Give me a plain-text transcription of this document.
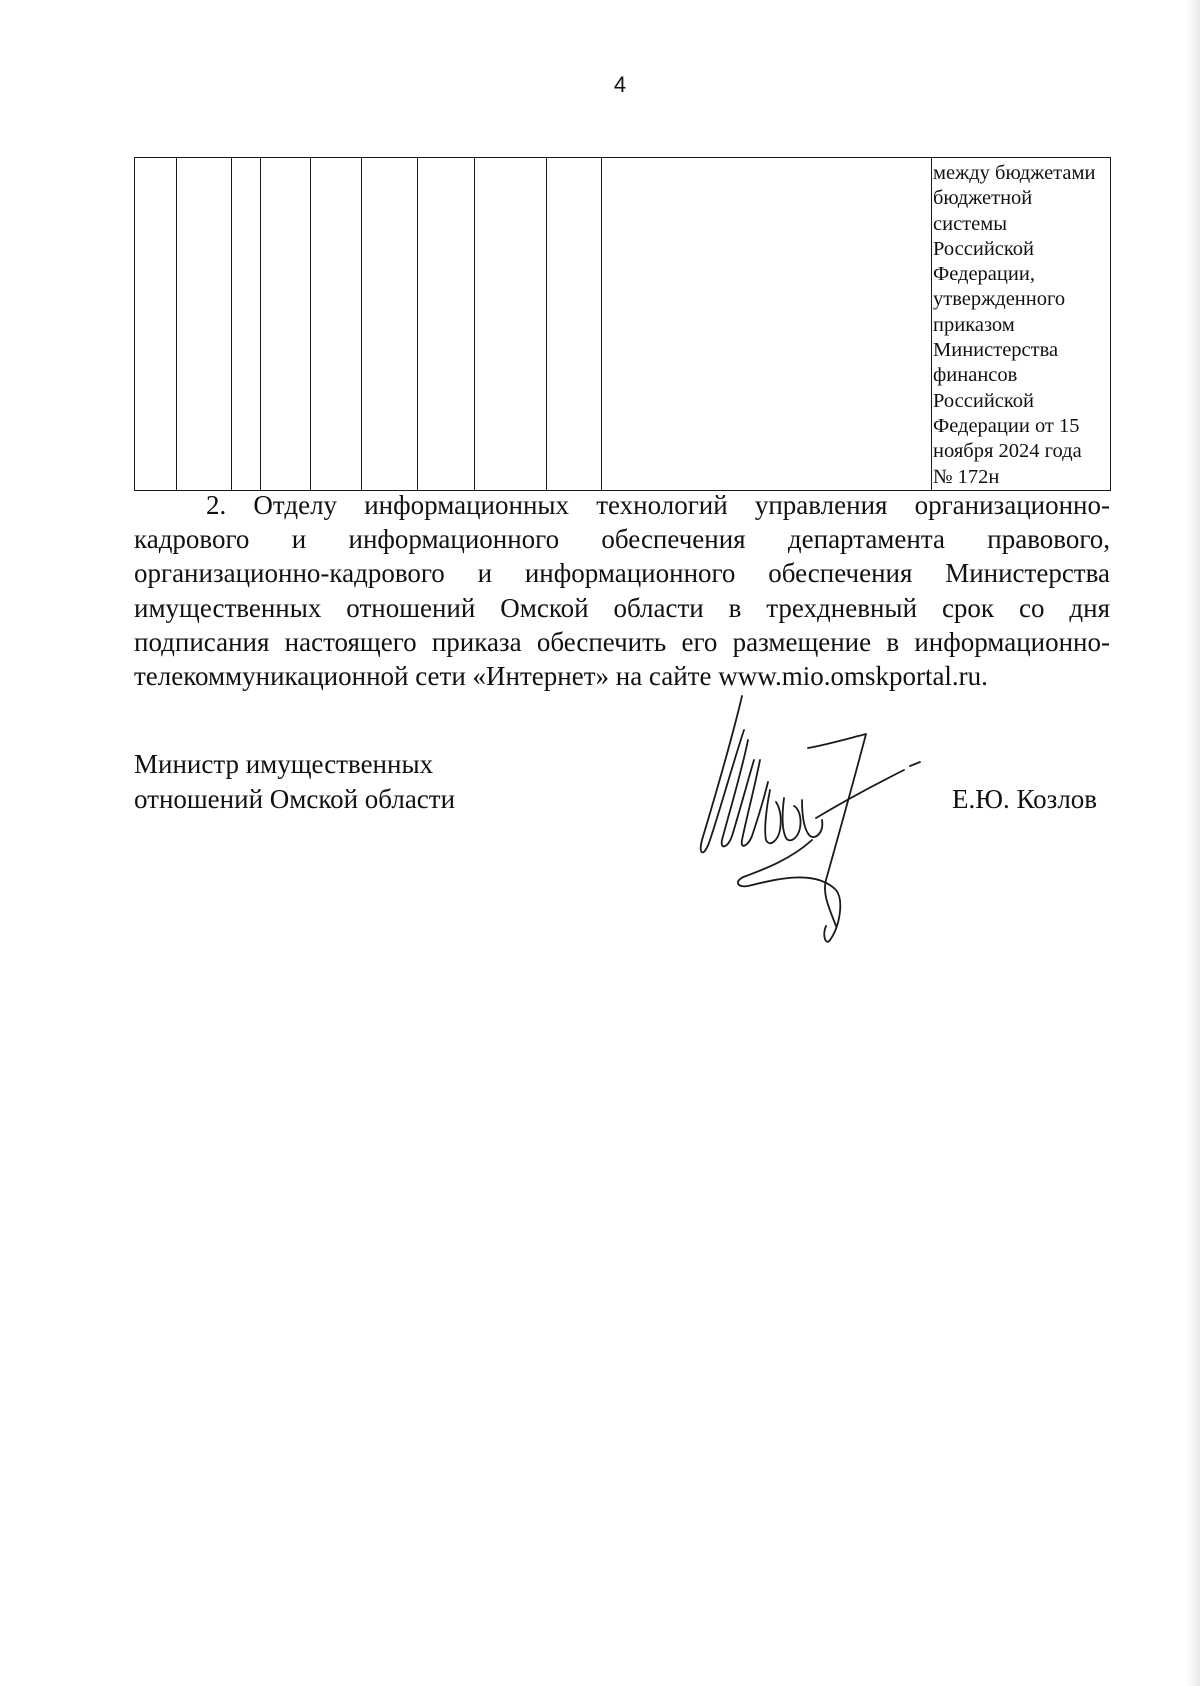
4

между бюджетами
бюджетной
системы
Российской
Федерации,
утвержденного
приказом
Министерства
финансов
Российской
Федерации от 15
ноября 2024 года
№ 172н
2. Отделу информационных технологий управления организационно-
кадрового и информационного обеспечения департамента правового,
организационно-кадрового и информационного обеспечения Министерства
имущественных отношений Омской области в трехдневный срок со дня
подписания настоящего приказа обеспечить его размещение в информационно-
телекоммуникационной сети «Интернет» на сайте www.mio.omskportal.ru.
Министр имущественных
отношений Омской области	Е.Ю. Козлов
